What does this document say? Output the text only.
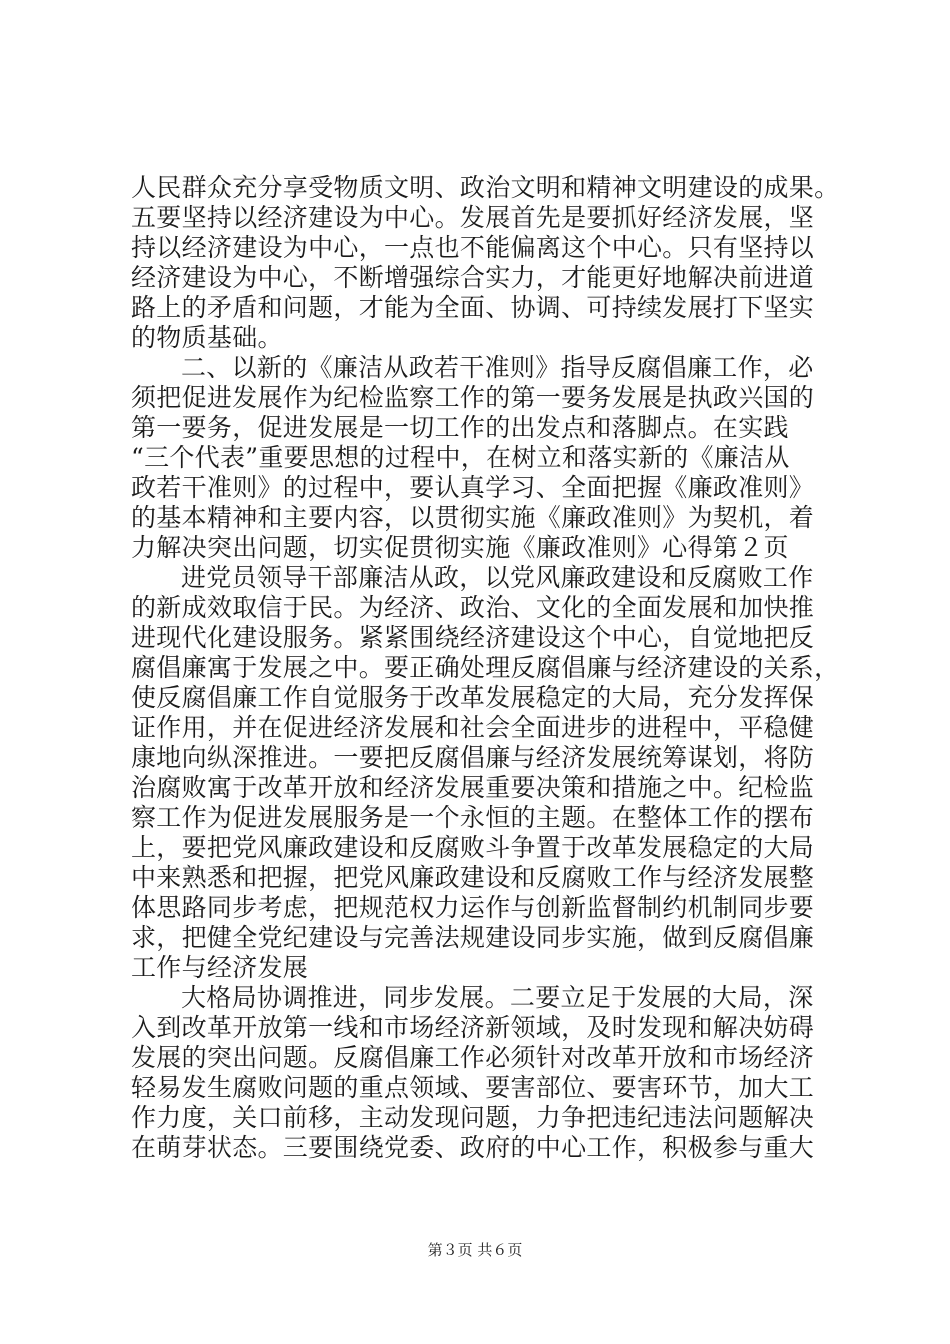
人民群众充分享受物质文明、政治文明和精神文明建设的成果。
五要坚持以经济建设为中心。发展首先是要抓好经济发展，坚
持以经济建设为中心，一点也不能偏离这个中心。只有坚持以
经济建设为中心，不断增强综合实力，才能更好地解决前进道
路上的矛盾和问题，才能为全面、协调、可持续发展打下坚实
的物质基础。
二、以新的《廉洁从政若干准则》指导反腐倡廉工作，必
须把促进发展作为纪检监察工作的第一要务发展是执政兴国的
第一要务，促进发展是一切工作的出发点和落脚点。在实践
“三个代表”重要思想的过程中，在树立和落实新的《廉洁从
政若干准则》的过程中，要认真学习、全面把握《廉政准则》
的基本精神和主要内容，以贯彻实施《廉政准则》为契机，着
力解决突出问题，切实促贯彻实施《廉政准则》心得第２页
进党员领导干部廉洁从政，以党风廉政建设和反腐败工作
的新成效取信于民。为经济、政治、文化的全面发展和加快推
进现代化建设服务。紧紧围绕经济建设这个中心，自觉地把反
腐倡廉寓于发展之中。要正确处理反腐倡廉与经济建设的关系，
使反腐倡廉工作自觉服务于改革发展稳定的大局，充分发挥保
证作用，并在促进经济发展和社会全面进步的进程中，平稳健
康地向纵深推进。一要把反腐倡廉与经济发展统筹谋划，将防
治腐败寓于改革开放和经济发展重要决策和措施之中。纪检监
察工作为促进发展服务是一个永恒的主题。在整体工作的摆布
上，要把党风廉政建设和反腐败斗争置于改革发展稳定的大局
中来熟悉和把握，把党风廉政建设和反腐败工作与经济发展整
体思路同步考虑，把规范权力运作与创新监督制约机制同步要
求，把健全党纪建设与完善法规建设同步实施，做到反腐倡廉
工作与经济发展
大格局协调推进，同步发展。二要立足于发展的大局，深
入到改革开放第一线和市场经济新领域，及时发现和解决妨碍
发展的突出问题。反腐倡廉工作必须针对改革开放和市场经济
轻易发生腐败问题的重点领域、要害部位、要害环节，加大工
作力度，关口前移，主动发现问题，力争把违纪违法问题解决
在萌芽状态。三要围绕党委、政府的中心工作，积极参与重大
第３页 共６页
